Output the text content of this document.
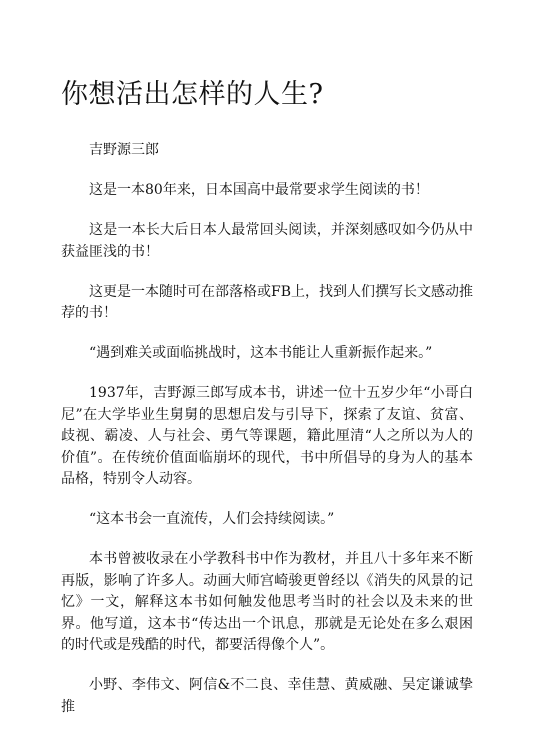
你想活出怎样的人生?

吉野源三郎

这是一本80年来，日本国高中最常要求学生阅读的书！

这是一本长大后日本人最常回头阅读，并深刻感叹如今仍从中获益匪浅的书！

这更是一本随时可在部落格或FB上，找到人们撰写长文感动推荐的书！

“遇到难关或面临挑战时，这本书能让人重新振作起来。”

1937年，吉野源三郎写成本书，讲述一位十五岁少年“小哥白尼”在大学毕业生舅舅的思想启发与引导下，探索了友谊、贫富、歧视、霸凌、人与社会、勇气等课题，籍此厘清“人之所以为人的价值”。在传统价值面临崩坏的现代，书中所倡导的身为人的基本品格，特别令人动容。

“这本书会一直流传，人们会持续阅读。”

本书曾被收录在小学教科书中作为教材，并且八十多年来不断再版，影响了许多人。动画大师宫崎骏更曾经以《消失的风景的记忆》一文，解释这本书如何触发他思考当时的社会以及未来的世界。他写道，这本书“传达出一个讯息，那就是无论处在多么艰困的时代或是残酷的时代，都要活得像个人”。

小野、李伟文、阿信&不二良、幸佳慧、黄威融、吴定谦诚挚推
